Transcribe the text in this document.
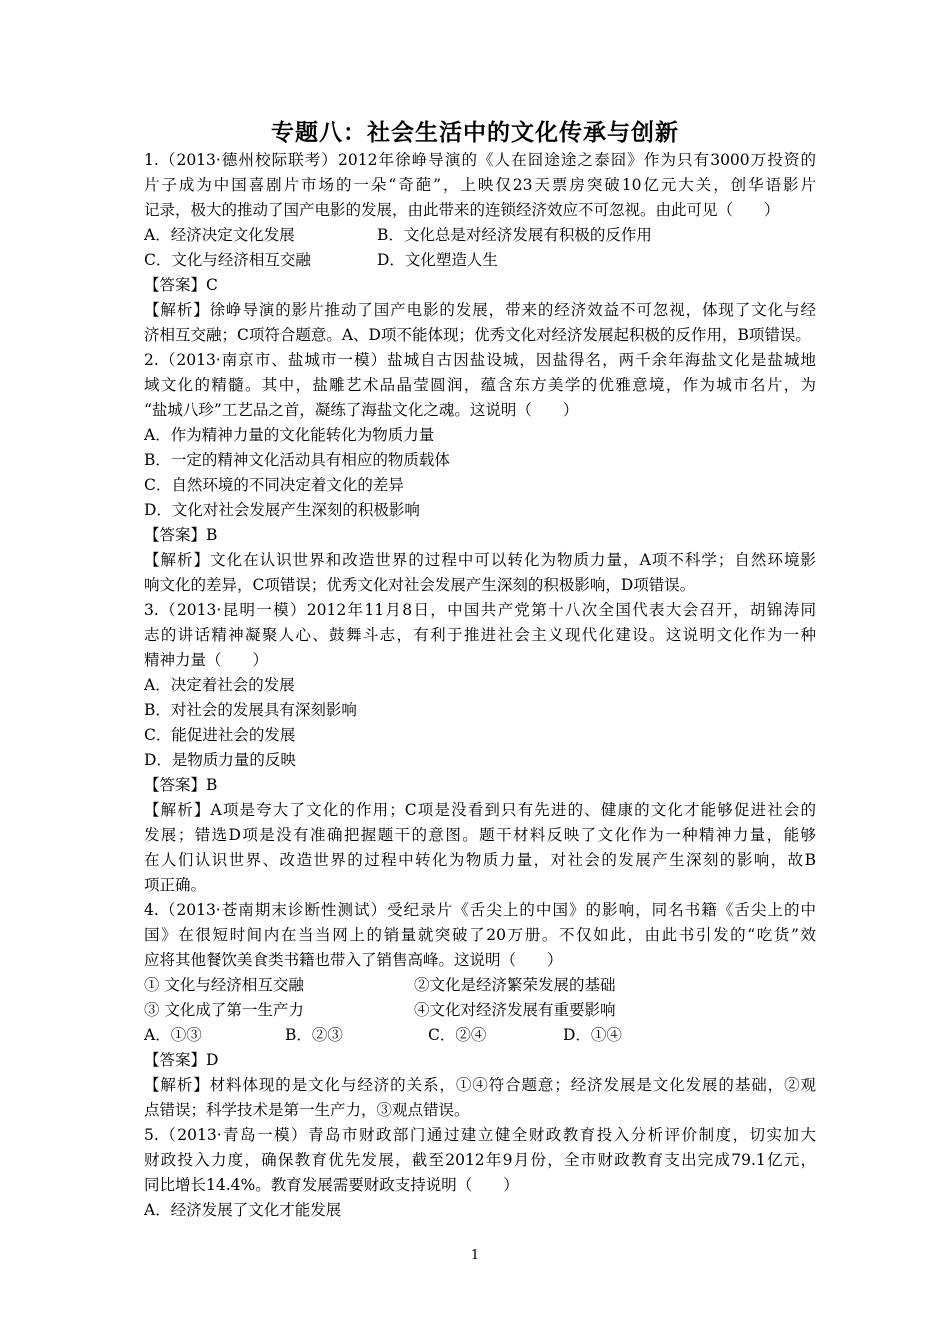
专题八：社会生活中的文化传承与创新
1.（2013·德州校际联考）2012年徐峥导演的《人在囧途途之泰囧》作为只有3000万投资的
片子成为中国喜剧片市场的一朵“奇葩”，上映仅23天票房突破10亿元大关，创华语影片
记录，极大的推动了国产电影的发展，由此带来的连锁经济效应不可忽视。由此可见（　　）
A．经济决定文化发展	B．文化总是对经济发展有积极的反作用
C．文化与经济相互交融	D．文化塑造人生
【答案】C
【解析】徐峥导演的影片推动了国产电影的发展，带来的经济效益不可忽视，体现了文化与经
济相互交融；C项符合题意。A、D项不能体现；优秀文化对经济发展起积极的反作用，B项错误。
2.（2013·南京市、盐城市一模）盐城自古因盐设城，因盐得名，两千余年海盐文化是盐城地
域文化的精髓。其中，盐雕艺术品晶莹圆润，蕴含东方美学的优雅意境，作为城市名片，为
“盐城八珍”工艺品之首，凝练了海盐文化之魂。这说明（　　）
A．作为精神力量的文化能转化为物质力量
B．一定的精神文化活动具有相应的物质载体
C．自然环境的不同决定着文化的差异
D．文化对社会发展产生深刻的积极影响
【答案】B
【解析】文化在认识世界和改造世界的过程中可以转化为物质力量，A项不科学；自然环境影
响文化的差异，C项错误；优秀文化对社会发展产生深刻的积极影响，D项错误。
3.（2013·昆明一模）2012年11月8日，中国共产党第十八次全国代表大会召开，胡锦涛同
志的讲话精神凝聚人心、鼓舞斗志，有利于推进社会主义现代化建设。这说明文化作为一种
精神力量（　　）
A．决定着社会的发展
B．对社会的发展具有深刻影响
C．能促进社会的发展
D．是物质力量的反映
【答案】B
【解析】A项是夸大了文化的作用；C项是没看到只有先进的、健康的文化才能够促进社会的
发展；错选D项是没有准确把握题干的意图。题干材料反映了文化作为一种精神力量，能够
在人们认识世界、改造世界的过程中转化为物质力量，对社会的发展产生深刻的影响，故B
项正确。
4.（2013·苍南期末诊断性测试）受纪录片《舌尖上的中国》的影响，同名书籍《舌尖上的中
国》在很短时间内在当当网上的销量就突破了20万册。不仅如此，由此书引发的“吃货”效
应将其他餐饮美食类书籍也带入了销售高峰。这说明（　　）
① 文化与经济相互交融	②文化是经济繁荣发展的基础
③ 文化成了第一生产力	④文化对经济发展有重要影响
A．①③	B．②③	C．②④	D．①④
【答案】D
【解析】材料体现的是文化与经济的关系，①④符合题意；经济发展是文化发展的基础，②观
点错误；科学技术是第一生产力，③观点错误。
5.（2013·青岛一模）青岛市财政部门通过建立健全财政教育投入分析评价制度，切实加大
财政投入力度，确保教育优先发展，截至2012年9月份，全市财政教育支出完成79.1亿元，
同比增长14.4%。教育发展需要财政支持说明（　　）
A．经济发展了文化才能发展
1
